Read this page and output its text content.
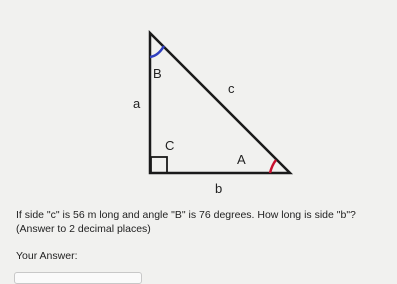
B
C
A
a
c
b
If side "c" is 56 m long and angle "B" is 76 degrees. How long is side "b"? (Answer to 2 decimal places)
Your Answer:
